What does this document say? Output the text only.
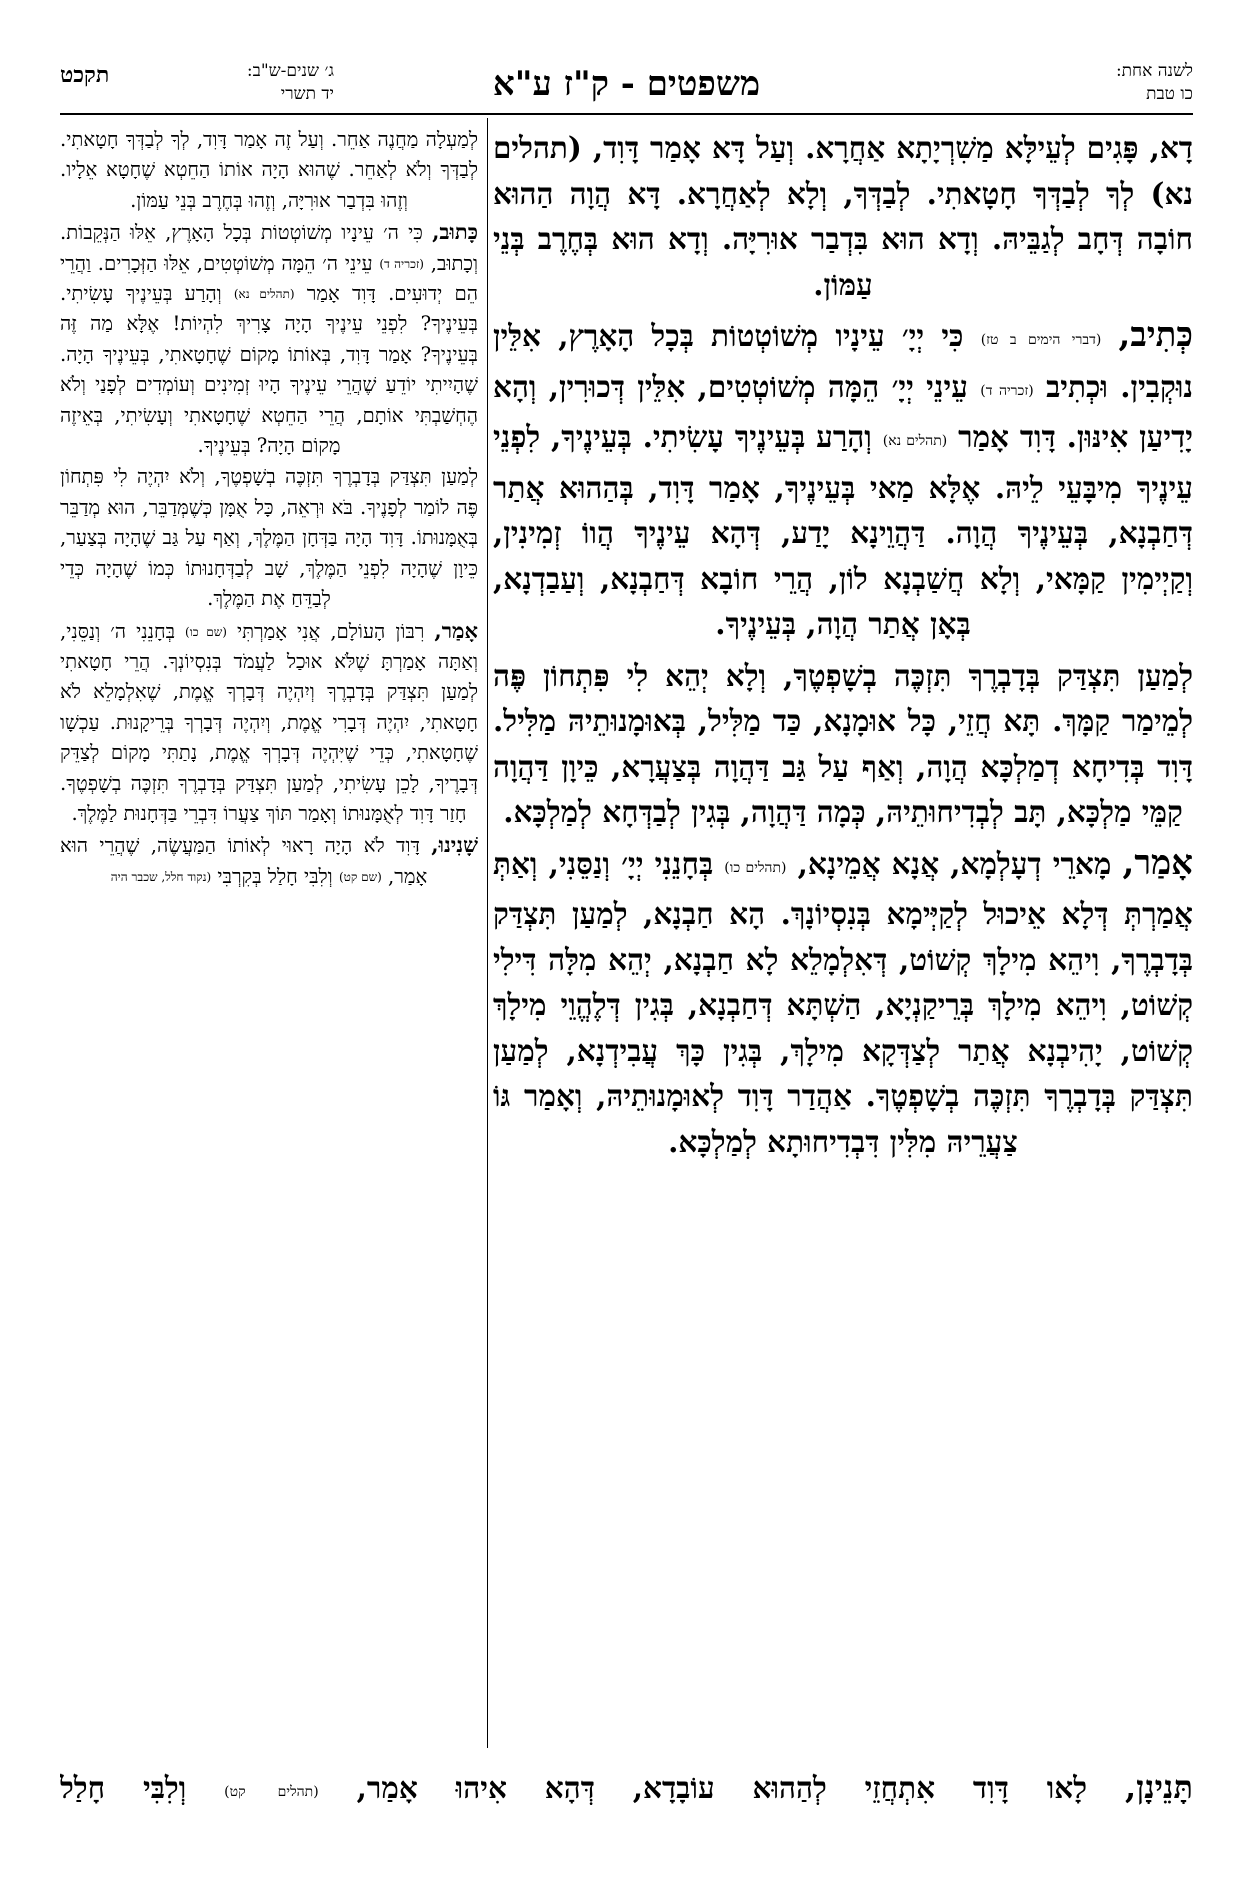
לשנה אחת:
כו טבת
משפטים - ק"ז ע"א
ג׳ שנים-ש"ב:
יד תשרי
תקכט

דָא, פָּגִים לְעֵילָּא מַשִׁרְיָתָא אַחֲרָא. וְעַל דָּא אָמַר דָּוִד, (תהלים נא) לְךָ לְבַדְּךָ חָטָאתִי. לְבַדְּךָ, וְלָא לְאַחֲרָא. דָּא הֲוָה הַהוּא חוֹבָה דְּחָב לְגַבֵּיהּ. וְדָא הוּא בִּדְבַר אוּרִיָּה. וְדָא הוּא בְּחֶרֶב בְּנֵי עַמּוֹן.

כְּתִיב, (דברי הימים ב טז) כִּי יְיָ׳ עֵינָיו מְשׁוֹטְטוֹת בְּכָל הָאָרֶץ, אִלֵּין נוּקְבִין. וּכְתִיב (זכריה ד) עֵינֵי יְיָ׳ הֵמָּה מְשׁוֹטְטִים, אִלֵּין דְּכוּרִין, וְהָא יָדִיעַן אִינּוּן. דָּוִד אָמַר (תהלים נא) וְהָרַע בְּעֵינֶיךָ עָשִׂיתִי. בְּעֵינֶיךָ, לִפְנֵי עֵינֶיךָ מִיבָּעֵי לֵיהּ. אֶלָּא מַאי בְּעֵינֶיךָ, אָמַר דָּוִד, בְּהַהוּא אֲתַר דְּחַבְנָא, בְּעֵינֶיךָ הֲוָה. דַּהֲוֵינָא יָדַע, דְּהָא עֵינֶיךָ הֲווֹ זְמִינִין, וְקַיְימִין קַמָּאי, וְלָא חֲשַׁבְנָא לוֹן, הֲרֵי חוֹבָא דְּחַבְנָא, וְעַבַדְנָא, בְּאָן אֲתַר הֲוָה, בְּעֵינֶיךָ.

לְמַעַן תִּצְדַּק בְּדָבְרֶךָ תִּזְכֶּה בְשָׁפְטֶךָ, וְלָא יְהֵא לִי פִּתְחוֹן פֶּה לְמֵימַר קַמָּךְ. תָּא חֲזֵי, כָּל אוּמָנָא, כַּד מַלִּיל, בְּאוּמָנוּתֵיהּ מַלִּיל. דָּוִד בְּדִיחָא דְמַלְכָּא הֲוָה, וְאַף עַל גַּב דַּהֲוָה בְּצַעֲרָא, כֵּיוָן דַּהֲוָה קַמֵּי מַלְכָּא, תָּב לְבְדִיחוּתֵיהּ, כְּמָה דַּהֲוָה, בְּגִין לְבַדְּחָא לְמַלְכָּא.

אָמַר, מָארֵי דְעָלְמָא, אֲנָא אֲמֵינָא, (תהלים כו) בְּחָנֵנִי יְיָ׳ וְנַסֵּנִי, וְאַתְּ אֲמַרְתְּ דְּלָא אֵיכוּל לְקַיְּימָא בְּנִסְיוֹנָךְ. הָא חַבְנָא, לְמַעַן תִּצְדַּק בְּדָבְרֶךָ, וִיהֵא מִילָךְ קְשׁוֹט, דְּאִלְמָלֵא לָא חַבְנָא, יְהֵא מִלָּה דִּילִי קְשׁוֹט, וִיהֵא מִילָךְ בְּרֵיקַנְיָא, הַשְׁתָּא דְּחַבְנָא, בְּגִין דְּלֶהֱוֵי מִילָךְ קְשׁוֹט, יָהִיבְנָא אֲתַר לְצַדְּקָא מִילָךְ, בְּגִין כָּךְ עֲבִידְנָא, לְמַעַן תִּצְדַּק בְּדָבְרֶךָ תִּזְכֶּה בְשָׁפְטֶךָ. אַהֲדַר דָּוִד לְאוּמָנוּתֵיהּ, וְאָמַר גּוֹ צַעֲרֵיהּ מִלִּין דִּבְדִיחוּתָא לְמַלְכָּא.

לְמַעְלָה מַחֲנֶה אַחֵר. וְעַל זֶה אָמַר דָּוִד, לְךָ לְבַדְּךָ חָטָאתִי. לְבַדְּךָ וְלֹא לְאַחֵר. שֶׁהוּא הָיָה אוֹתוֹ הַחֵטְא שֶׁחָטָא אֵלָיו. וְזֶהוּ בִּדְבַר אוּרִיָּה, וְזֶהוּ בְּחֶרֶב בְּנֵי עַמּוֹן.

כָּתוּב, כִּי ה׳ עֵינָיו מְשׁוֹטְטוֹת בְּכָל הָאָרֶץ, אֵלּוּ הַנְּקֵבוֹת. וְכָתוּב, (זכריה ד) עֵינֵי ה׳ הֵמָּה מְשׁוֹטְטִים, אֵלּוּ הַזְּכָרִים. וַהֲרֵי הֵם יְדוּעִים. דָּוִד אָמַר (תהלים נא) וְהָרַע בְּעֵינֶיךָ עָשִׂיתִי. בְּעֵינֶיךָ? לִפְנֵי עֵינֶיךָ הָיָה צָרִיךְ לִהְיוֹת! אֶלָּא מַה זֶּה בְּעֵינֶיךָ? אָמַר דָּוִד, בְּאוֹתוֹ מָקוֹם שֶׁחָטָאתִי, בְּעֵינֶיךָ הָיָה. שֶׁהָיִיתִי יוֹדֵעַ שֶׁהֲרֵי עֵינֶיךָ הָיוּ זְמִינִים וְעוֹמְדִים לְפָנַי וְלֹא הֶחְשַׁבְתִּי אוֹתָם, הֲרֵי הַחֵטְא שֶׁחָטָאתִי וְעָשִׂיתִי, בְּאֵיזֶה מָקוֹם הָיָה? בְּעֵינֶיךָ.

לְמַעַן תִּצְדַּק בְּדָבְרֶךָ תִּזְכֶּה בְשָׁפְטֶךָ, וְלֹא יִהְיֶה לִי פִּתְחוֹן פֶּה לוֹמַר לְפָנֶיךָ. בֹּא וּרְאֵה, כָּל אֻמָּן כְּשֶׁמְּדַבֵּר, הוּא מְדַבֵּר בְּאֻמָּנוּתוֹ. דָּוִד הָיָה בַּדְּחָן הַמֶּלֶךְ, וְאַף עַל גַּב שֶׁהָיָה בְּצַעַר, כֵּיוָן שֶׁהָיָה לִפְנֵי הַמֶּלֶךְ, שָׁב לְבַדְּחָנוּתוֹ כְּמוֹ שֶׁהָיָה כְּדֵי לְבַדֵּחַ אֶת הַמֶּלֶךְ.

אָמַר, רִבּוֹן הָעוֹלָם, אֲנִי אָמַרְתִּי (שם כו) בְּחָנֵנִי ה׳ וְנַסֵּנִי, וְאַתָּה אָמַרְתָּ שֶׁלֹּא אוּכַל לַעֲמֹד בְּנִסְיוֹנְךָ. הֲרֵי חָטָאתִי לְמַעַן תִּצְדַּק בְּדָבְרֶךָ וְיִהְיֶה דְּבָרְךָ אֱמֶת, שֶׁאִלְמָלֵא לֹא חָטָאתִי, יִהְיֶה דְּבָרִי אֱמֶת, וְיִהְיֶה דְּבָרְךָ בְּרֵיקָנוּת. עַכְשָׁו שֶׁחָטָאתִי, כְּדֵי שֶׁיִּהְיֶה דְּבָרְךָ אֱמֶת, נָתַתִּי מָקוֹם לְצַדֵּק דְּבָרֶיךָ, לָכֵן עָשִׂיתִי, לְמַעַן תִּצְדַּק בְּדָבְרֶךָ תִּזְכֶּה בְשָׁפְטֶךָ. חָזַר דָּוִד לְאֻמָּנוּתוֹ וְאָמַר תּוֹךְ צַעֲרוֹ דִּבְרֵי בַּדְּחָנוּת לַמֶּלֶךְ.

שָׁנִינוּ, דָּוִד לֹא הָיָה רָאוּי לְאוֹתוֹ הַמַּעֲשֶׂה, שֶׁהֲרֵי הוּא אָמַר, (שם קט) וְלִבִּי חָלַל בְּקִרְבִּי (נקוד חלל, שכבר היה

תָּנֵינָן, לָאו דָּוִד אִתְחֲזֵי לְהַהוּא עוֹבָדָא, דְּהָא אִיהוּ אָמַר, (תהלים קט) וְלִבִּי חָלַל
